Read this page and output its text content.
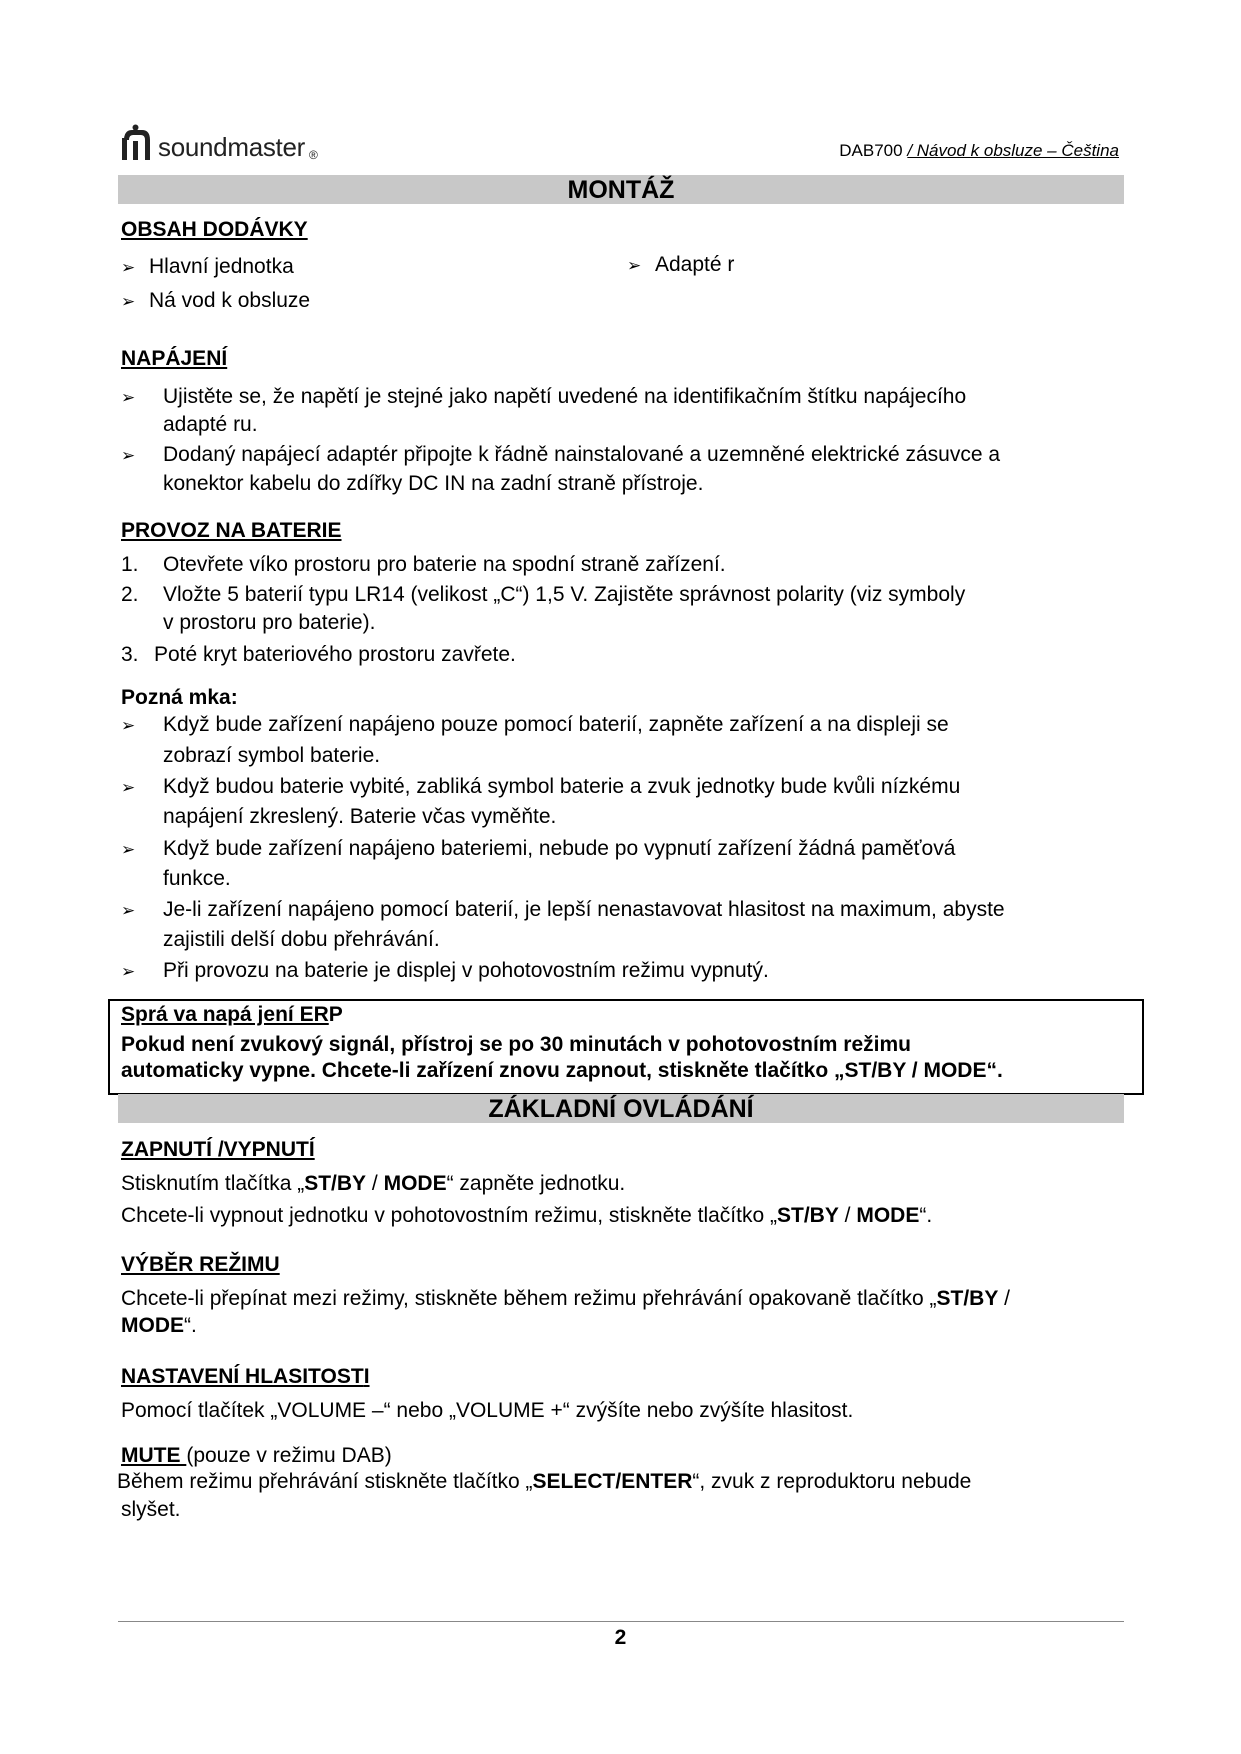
soundmaster ®	DAB700 / Návod k obsluze – Čeština
MONTÁŽ
OBSAH DODÁVKY
➢ Hlavní jednotka
➢ Ná vod k obsluze
➢ Adapté r
NAPÁJENÍ
➢ Ujistěte se, že napětí je stejné jako napětí uvedené na identifikačním štítku napájecího
adapté ru.
➢ Dodaný napájecí adaptér připojte k řádně nainstalované a uzemněné elektrické zásuvce a
konektor kabelu do zdířky DC IN na zadní straně přístroje.
PROVOZ NA BATERIE
1. Otevřete víko prostoru pro baterie na spodní straně zařízení.
2. Vložte 5 baterií typu LR14 (velikost „C“) 1,5 V. Zajistěte správnost polarity (viz symboly
v prostoru pro baterie).
3. Poté kryt bateriového prostoru zavřete.
Pozná mka:
➢ Když bude zařízení napájeno pouze pomocí baterií, zapněte zařízení a na displeji se
zobrazí symbol baterie.
➢ Když budou baterie vybité, zabliká symbol baterie a zvuk jednotky bude kvůli nízkému
napájení zkreslený. Baterie včas vyměňte.
➢ Když bude zařízení napájeno bateriemi, nebude po vypnutí zařízení žádná paměťová
funkce.
➢ Je-li zařízení napájeno pomocí baterií, je lepší nenastavovat hlasitost na maximum, abyste
zajistili delší dobu přehrávání.
➢ Při provozu na baterie je displej v pohotovostním režimu vypnutý.
Sprá va napá jení ERP
Pokud není zvukový signál, přístroj se po 30 minutách v pohotovostním režimu
automaticky vypne. Chcete-li zařízení znovu zapnout, stiskněte tlačítko „ST/BY / MODE“.
ZÁKLADNÍ OVLÁDÁNÍ
ZAPNUTÍ /VYPNUTÍ
Stisknutím tlačítka „ST/BY / MODE“ zapněte jednotku.
Chcete-li vypnout jednotku v pohotovostním režimu, stiskněte tlačítko „ST/BY / MODE“.
VÝBĚR REŽIMU
Chcete-li přepínat mezi režimy, stiskněte během režimu přehrávání opakovaně tlačítko „ST/BY /
MODE“.
NASTAVENÍ HLASITOSTI
Pomocí tlačítek „VOLUME –“ nebo „VOLUME +“ zvýšíte nebo zvýšíte hlasitost.
MUTE (pouze v režimu DAB)
Během režimu přehrávání stiskněte tlačítko „SELECT/ENTER“, zvuk z reproduktoru nebude
slyšet.
2
